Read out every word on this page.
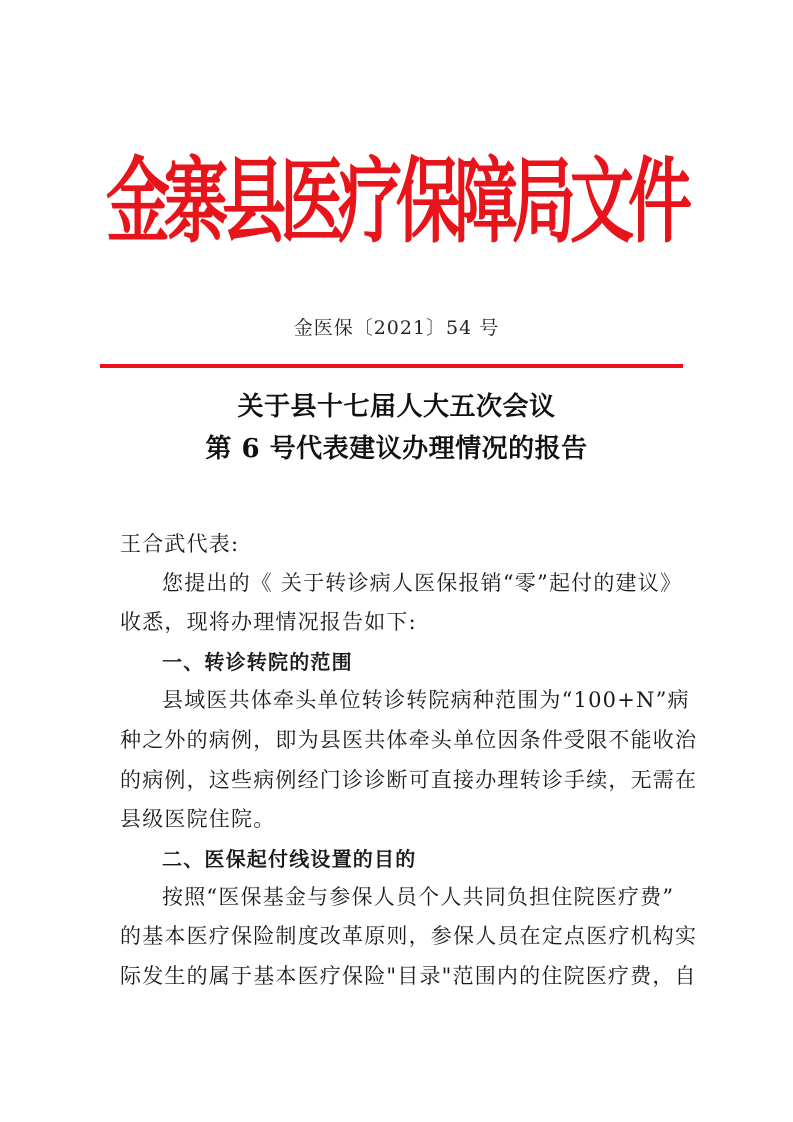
金寨县医疗保障局文件
金医保〔2021〕54 号
关于县十七届人大五次会议
第 6 号代表建议办理情况的报告
王合武代表:
您提出的《 关于转诊病人医保报销“零”起付的建议》
收悉，现将办理情况报告如下:
一、转诊转院的范围
县域医共体牵头单位转诊转院病种范围为“100+N”病
种之外的病例，即为县医共体牵头单位因条件受限不能收治
的病例，这些病例经门诊诊断可直接办理转诊手续，无需在
县级医院住院。
二、医保起付线设置的目的
按照“医保基金与参保人员个人共同负担住院医疗费”
的基本医疗保险制度改革原则，参保人员在定点医疗机构实
际发生的属于基本医疗保险"目录"范围内的住院医疗费，自
